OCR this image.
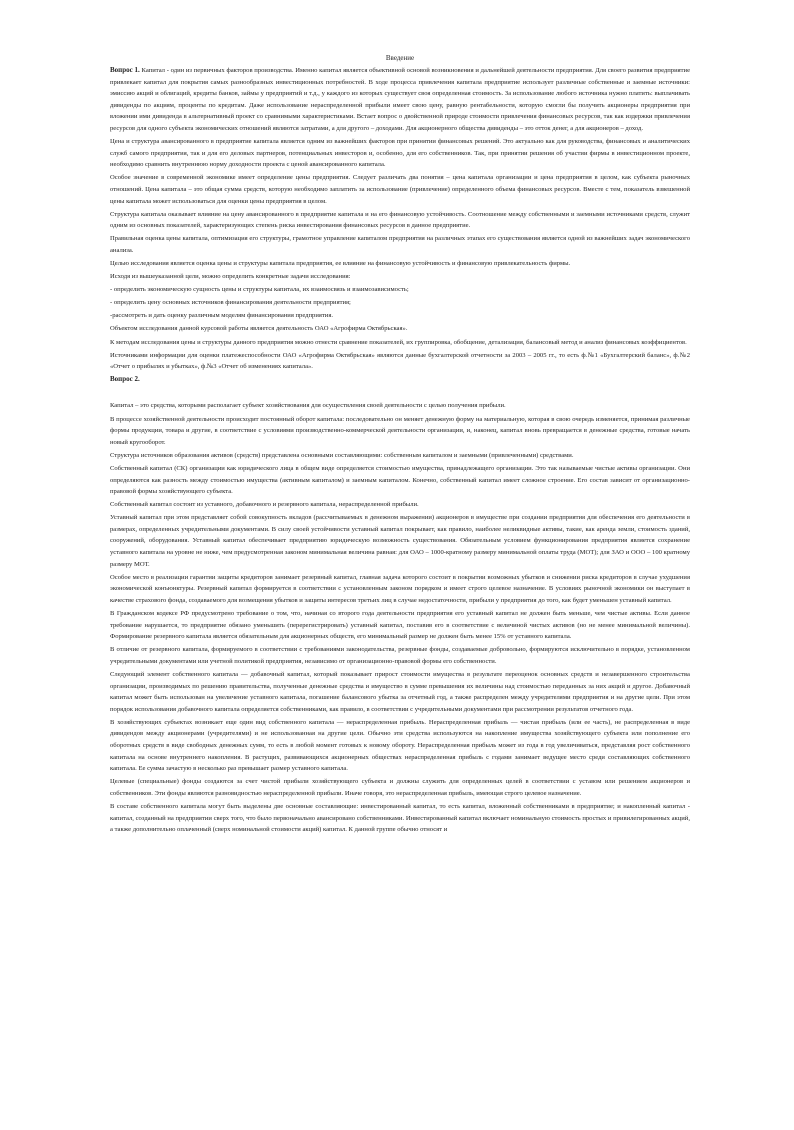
Введение

Вопрос 1. Капитал - один из первичных факторов производства. Именно капитал является объективной основой возникновения и дальнейшей деятельности предприятия. Для своего развития предприятие привлекает капитал для покрытия самых разнообразных инвестиционных потребностей. В ходе процесса привлечения капитала предприятие использует различные собственные и заемные источники: эмиссию акций и облигаций, кредиты банков, займы у предприятий и т.д., у каждого из которых существует своя определенная стоимость. За использование любого источника нужно платить: выплачивать дивиденды по акциям, проценты по кредитам. Даже использование нераспределенной прибыли имеет свою цену, равную рентабельности, которую смогли бы получить акционеры предприятия при вложении ими дивиденда в альтернативный проект со сравнимыми характеристиками. Встает вопрос о двойственной природе стоимости привлечения финансовых ресурсов, так как издержки привлечения ресурсов для одного субъекта экономических отношений являются затратами, а для другого – доходами. Для акционерного общества дивиденды – это отток денег, а для акционеров – доход.

Цена и структура авансированного в предприятие капитала является одним из важнейших факторов при принятии финансовых решений. Это актуально как для руководства, финансовых и аналитических служб самого предприятия, так и для его деловых партнеров, потенциальных инвесторов и, особенно, для его собственников. Так, при принятии решения об участии фирмы в инвестиционном проекте, необходимо сравнить внутреннюю норму доходности проекта с ценой авансированного капитала.

Особое значение в современной экономике имеет определение цены предприятия. Следует различать два понятия – цена капитала организации и цена предприятия в целом, как субъекта рыночных отношений. Цена капитала – это общая сумма средств, которую необходимо заплатить за использование (привлечение) определенного объема финансовых ресурсов. Вместе с тем, показатель взвешенной цены капитала может использоваться для оценки цены предприятия в целом.

Структура капитала оказывает влияние на цену авансированного в предприятие капитала и на его финансовую устойчивость. Соотношение между собственными и заемными источниками средств, служит одним из основных показателей, характеризующих степень риска инвестирования финансовых ресурсов в данное предприятие.

Правильная оценка цены капитала, оптимизация его структуры, грамотное управление капиталом предприятия на различных этапах его существования является одной из важнейших задач экономического анализа.

Целью исследования является оценка цены и структуры капитала предприятия, ее влияние на финансовую устойчивость и финансовую привлекательность фирмы.

Исходя из вышеуказанной цели, можно определить конкретные задачи исследования:

- определить экономическую сущность цены и структуры капитала, их взаимосвязь и взаимозависимость;

- определить цену основных источников финансирования деятельности предприятия;

-рассмотреть и дать оценку различным моделям финансирования предприятия.

Объектом исследования данной курсовой работы является деятельность ОАО «Агрофирма Октябрьская».

К методам исследования цены и структуры данного предприятия можно отнести сравнение показателей, их группировка, обобщение, детализация, балансовый метод и анализ финансовых коэффициентов.

Источниками информации для оценки платежеспособности ОАО «Агрофирма Октябрьская» являются данные бухгалтерской отчетности за 2003 – 2005 гг., то есть ф.№1 «Бухгалтерский баланс», ф.№2 «Отчет о прибылях и убытках», ф.№3 «Отчет об изменениях капитала».

Вопрос 2.

Капитал – это средства, которыми располагает субъект хозяйствования для осуществления своей деятельности с целью получения прибыли.

В процессе хозяйственной деятельности происходит постоянный оборот капитала: последовательно он меняет денежную форму на материальную, которая в свою очередь изменяется, принимая различные формы продукции, товара и другие, в соответствие с условиями производственно-коммерческой деятельности организации, и, наконец, капитал вновь превращается в денежные средства, готовые начать новый кругооборот.

Структура источников образования активов (средств) представлена основными составляющими: собственным капиталом и заемными (привлеченными) средствами.

Собственный капитал (СК) организации как юридического лица в общем виде определяется стоимостью имущества, принадлежащего организации. Это так называемые чистые активы организации. Они определяются как разность между стоимостью имущества (активным капиталом) и заемным капиталом. Конечно, собственный капитал имеет сложное строение. Его состав зависит от организационно-правовой формы хозяйствующего субъекта.

Собственный капитал состоит из уставного, добавочного и резервного капитала, нераспределенной прибыли.

Уставный капитал при этом представляет собой совокупность вкладов (рассчитываемых в денежном выражении) акционеров в имуществе при создании предприятия для обеспечения его деятельности в размерах, определенных учредительными документами. В силу своей устойчивости уставный капитал покрывает, как правило, наиболее неликвидные активы, такие, как аренда земли, стоимость зданий, сооружений, оборудования. Уставный капитал обеспечивает предприятию юридическую возможность существования. Обязательным условием функционирования предприятия является сохранение уставного капитала на уровне не ниже, чем предусмотренная законом минимальная величина равная: для ОАО – 1000-кратному размеру минимальной оплаты труда (МОТ); для ЗАО и ООО – 100 кратному размеру МОТ.

Особое место в реализации гарантии защиты кредиторов занимает резервный капитал, главная задача которого состоит в покрытии возможных убытков и снижении риска кредиторов в случае ухудшения экономической конъюнктуры. Резервный капитал формируется в соответствии с установленным законом порядком и имеет строго целевое назначение. В условиях рыночной экономики он выступает в качестве страхового фонда, создаваемого для возмещения убытков и защиты интересов третьих лиц в случае недостаточности, прибыли у предприятия до того, как будет уменьшен уставный капитал.

В Гражданском кодексе РФ предусмотрено требование о том, что, начиная со второго года деятельности предприятия его уставный капитал не должен быть меньше, чем чистые активы. Если данное требование нарушается, то предприятие обязано уменьшить (перерегистрировать) уставный капитал, поставив его в соответствие с величиной чистых активов (но не менее минимальной величины). Формирование резервного капитала является обязательным для акционерных обществ, его минимальный размер не должен быть менее 15% от уставного капитала.

В отличие от резервного капитала, формируемого в соответствии с требованиями законодательства, резервные фонды, создаваемые добровольно, формируются исключительно в порядке, установленном учредительными документами или учетной политикой предприятия, независимо от организационно-правовой формы его собственности.

Следующий элемент собственного капитала — добавочный капитал, который показывает прирост стоимости имущества в результате переоценок основных средств и незавершенного строительства организации, производимых по решению правительства, полученные денежные средства и имущество в сумме превышения их величины над стоимостью переданных за них акций и другое. Добавочный капитал может быть использован на увеличение уставного капитала, погашение балансового убытка за отчетный год, а также распределен между учредителями предприятия и на другие цели. При этом порядок использования добавочного капитала определяется собственниками, как правило, в соответствии с учредительными документами при рассмотрении результатов отчетного года.

В хозяйствующих субъектах возникает еще один вид собственного капитала — нераспределенная прибыль. Нераспределенная прибыль — чистая прибыль (или ее часть), не распределенная в виде дивидендов между акционерами (учредителями) и не использованная на другие цели. Обычно эти средства используются на накопление имущества хозяйствующего субъекта или пополнение его оборотных средств в виде свободных денежных сумм, то есть в любой момент готовых к новому обороту. Нераспределенная прибыль может из года в год увеличиваться, представляя рост собственного капитала на основе внутреннего накопления. В растущих, развивающихся акционерных обществах нераспределенная прибыль с годами занимает ведущее место среди составляющих собственного капитала. Ее сумма зачастую в несколько раз превышает размер уставного капитала.

Целевые (специальные) фонды создаются за счет чистой прибыли хозяйствующего субъекта и должны служить для определенных целей в соответствии с уставом или решением акционеров и собственников. Эти фонды являются разновидностью нераспределенной прибыли. Иначе говоря, это нераспределенная прибыль, имеющая строго целевое назначение.

В составе собственного капитала могут быть выделены две основные составляющие: инвестированный капитал, то есть капитал, вложенный собственниками в предприятие; и накопленный капитал - капитал, созданный на предприятии сверх того, что было первоначально авансировано собственниками. Инвестированный капитал включает номинальную стоимость простых и привилегированных акций, а также дополнительно оплаченный (сверх номинальной стоимости акций) капитал. К данной группе обычно относят и
